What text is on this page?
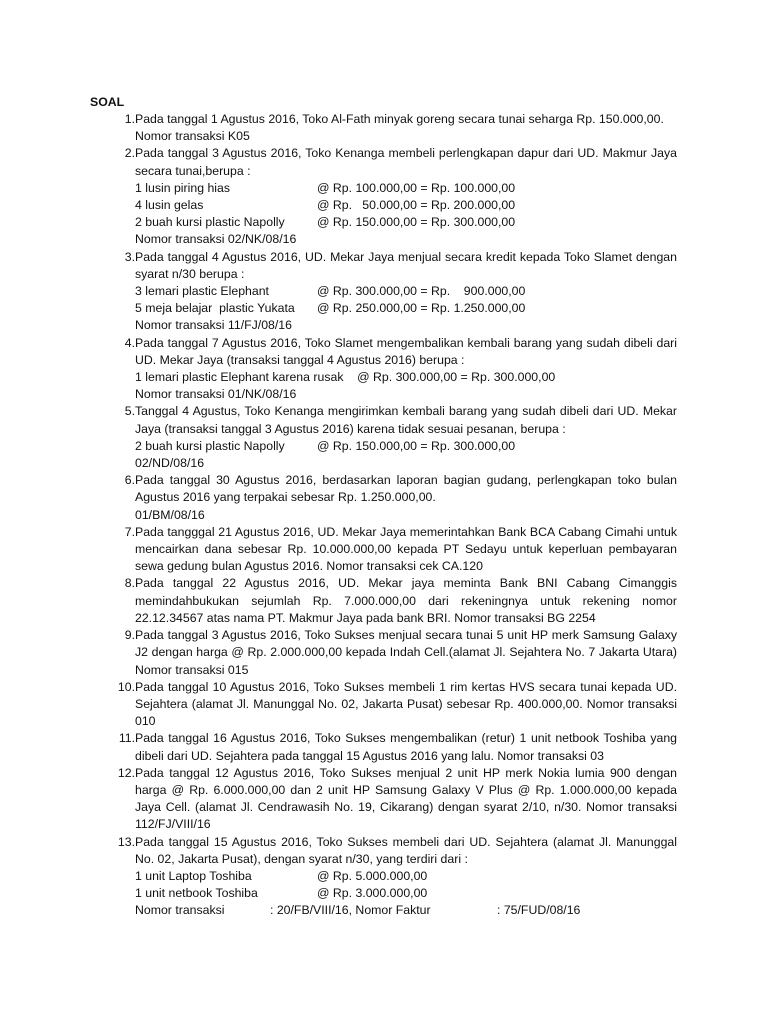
SOAL
1. Pada tanggal 1 Agustus 2016, Toko Al-Fath minyak goreng secara tunai seharga Rp. 150.000,00.
Nomor transaksi K05
2. Pada tanggal 3 Agustus 2016, Toko Kenanga membeli perlengkapan dapur dari UD. Makmur Jaya secara tunai,berupa :
1 lusin piring hias	@ Rp. 100.000,00 = Rp. 100.000,00
4 lusin gelas	@ Rp.   50.000,00 = Rp. 200.000,00
2 buah kursi plastic Napolly	@ Rp. 150.000,00 = Rp. 300.000,00
Nomor transaksi 02/NK/08/16
3. Pada tanggal 4 Agustus 2016, UD. Mekar Jaya menjual secara kredit kepada Toko Slamet dengan syarat n/30 berupa :
3 lemari plastic Elephant	@ Rp. 300.000,00 = Rp.    900.000,00
5 meja belajar  plastic Yukata	@ Rp. 250.000,00 = Rp. 1.250.000,00
Nomor transaksi 11/FJ/08/16
4. Pada tanggal 7 Agustus 2016, Toko Slamet mengembalikan kembali barang yang sudah dibeli dari UD. Mekar Jaya (transaksi tanggal 4 Agustus 2016) berupa :
1 lemari plastic Elephant karena rusak    @ Rp. 300.000,00 = Rp. 300.000,00
Nomor transaksi 01/NK/08/16
5. Tanggal 4 Agustus, Toko Kenanga mengirimkan kembali barang yang sudah dibeli dari UD. Mekar Jaya (transaksi tanggal 3 Agustus 2016) karena tidak sesuai pesanan, berupa :
2 buah kursi plastic Napolly	@ Rp. 150.000,00 = Rp. 300.000,00
02/ND/08/16
6. Pada tanggal 30 Agustus 2016, berdasarkan laporan bagian gudang, perlengkapan toko bulan Agustus 2016 yang terpakai sebesar Rp. 1.250.000,00.
01/BM/08/16
7. Pada tangggal 21 Agustus 2016, UD. Mekar Jaya memerintahkan Bank BCA Cabang Cimahi untuk mencairkan dana sebesar Rp. 10.000.000,00 kepada PT Sedayu untuk keperluan pembayaran sewa gedung bulan Agustus 2016. Nomor transaksi cek CA.120
8. Pada tanggal 22 Agustus 2016, UD. Mekar jaya meminta Bank BNI Cabang Cimanggis memindahbukukan sejumlah Rp. 7.000.000,00 dari rekeningnya untuk rekening nomor 22.12.34567 atas nama PT. Makmur Jaya pada bank BRI. Nomor transaksi BG 2254
9. Pada tanggal 3 Agustus 2016, Toko Sukses menjual secara tunai 5 unit HP merk Samsung Galaxy J2 dengan harga @ Rp. 2.000.000,00 kepada Indah Cell.(alamat Jl. Sejahtera No. 7 Jakarta Utara) Nomor transaksi 015
10. Pada tanggal 10 Agustus 2016, Toko Sukses membeli 1 rim kertas HVS secara tunai kepada UD. Sejahtera (alamat Jl. Manunggal No. 02, Jakarta Pusat) sebesar Rp. 400.000,00. Nomor transaksi 010
11. Pada tanggal 16 Agustus 2016, Toko Sukses mengembalikan (retur) 1 unit netbook Toshiba yang dibeli dari UD. Sejahtera pada tanggal 15 Agustus 2016 yang lalu. Nomor transaksi 03
12. Pada tanggal 12 Agustus 2016, Toko Sukses menjual 2 unit HP merk Nokia lumia 900 dengan harga @ Rp. 6.000.000,00 dan 2 unit HP Samsung Galaxy V Plus @ Rp. 1.000.000,00 kepada Jaya Cell. (alamat Jl. Cendrawasih No. 19, Cikarang) dengan syarat 2/10, n/30. Nomor transaksi 112/FJ/VIII/16
13. Pada tanggal 15 Agustus 2016, Toko Sukses membeli dari UD. Sejahtera (alamat Jl. Manunggal No. 02, Jakarta Pusat), dengan syarat n/30, yang terdiri dari :
1 unit Laptop Toshiba	@ Rp. 5.000.000,00
1 unit netbook Toshiba	@ Rp. 3.000.000,00
Nomor transaksi	: 20/FB/VIII/16, Nomor Faktur	: 75/FUD/08/16
